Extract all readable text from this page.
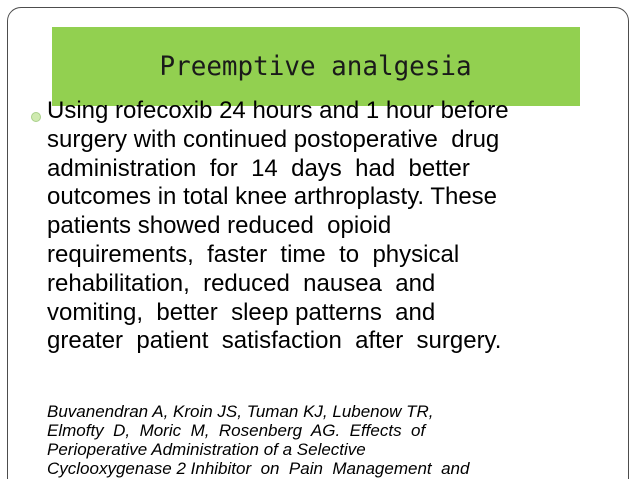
Preemptive analgesia
Using rofecoxib 24 hours and 1 hour before
surgery with continued postoperative  drug
administration  for  14  days  had  better
outcomes in total knee arthroplasty. These
patients showed reduced  opioid
requirements,  faster  time  to  physical
rehabilitation,  reduced  nausea  and
vomiting,  better  sleep patterns  and
greater  patient  satisfaction  after  surgery.
Buvanendran A, Kroin JS, Tuman KJ, Lubenow TR,
Elmofty  D,  Moric  M,  Rosenberg  AG.  Effects  of
Perioperative Administration of a Selective
Cyclooxygenase 2 Inhibitor  on  Pain  Management  and
